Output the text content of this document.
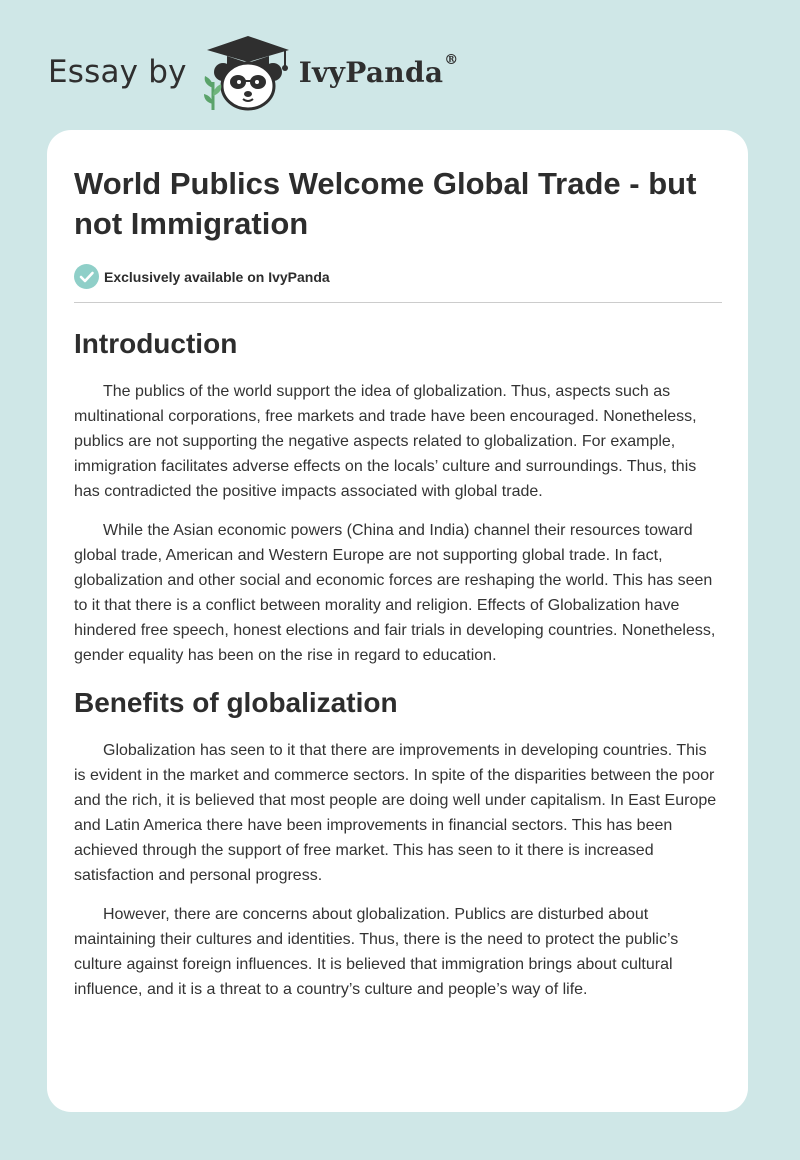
Essay by	IvyPanda®
World Publics Welcome Global Trade - but not Immigration
Exclusively available on IvyPanda
Introduction

The publics of the world support the idea of globalization. Thus, aspects such as multinational corporations, free markets and trade have been encouraged. Nonetheless, publics are not supporting the negative aspects related to globalization. For example, immigration facilitates adverse effects on the locals’ culture and surroundings. Thus, this has contradicted the positive impacts associated with global trade.

While the Asian economic powers (China and India) channel their resources toward global trade, American and Western Europe are not supporting global trade. In fact, globalization and other social and economic forces are reshaping the world. This has seen to it that there is a conflict between morality and religion. Effects of Globalization have hindered free speech, honest elections and fair trials in developing countries. Nonetheless, gender equality has been on the rise in regard to education.

Benefits of globalization

Globalization has seen to it that there are improvements in developing countries. This is evident in the market and commerce sectors. In spite of the disparities between the poor and the rich, it is believed that most people are doing well under capitalism. In East Europe and Latin America there have been improvements in financial sectors. This has been achieved through the support of free market. This has seen to it there is increased satisfaction and personal progress.

However, there are concerns about globalization. Publics are disturbed about maintaining their cultures and identities. Thus, there is the need to protect the public’s culture against foreign influences. It is believed that immigration brings about cultural influence, and it is a threat to a country’s culture and people’s way of life.
